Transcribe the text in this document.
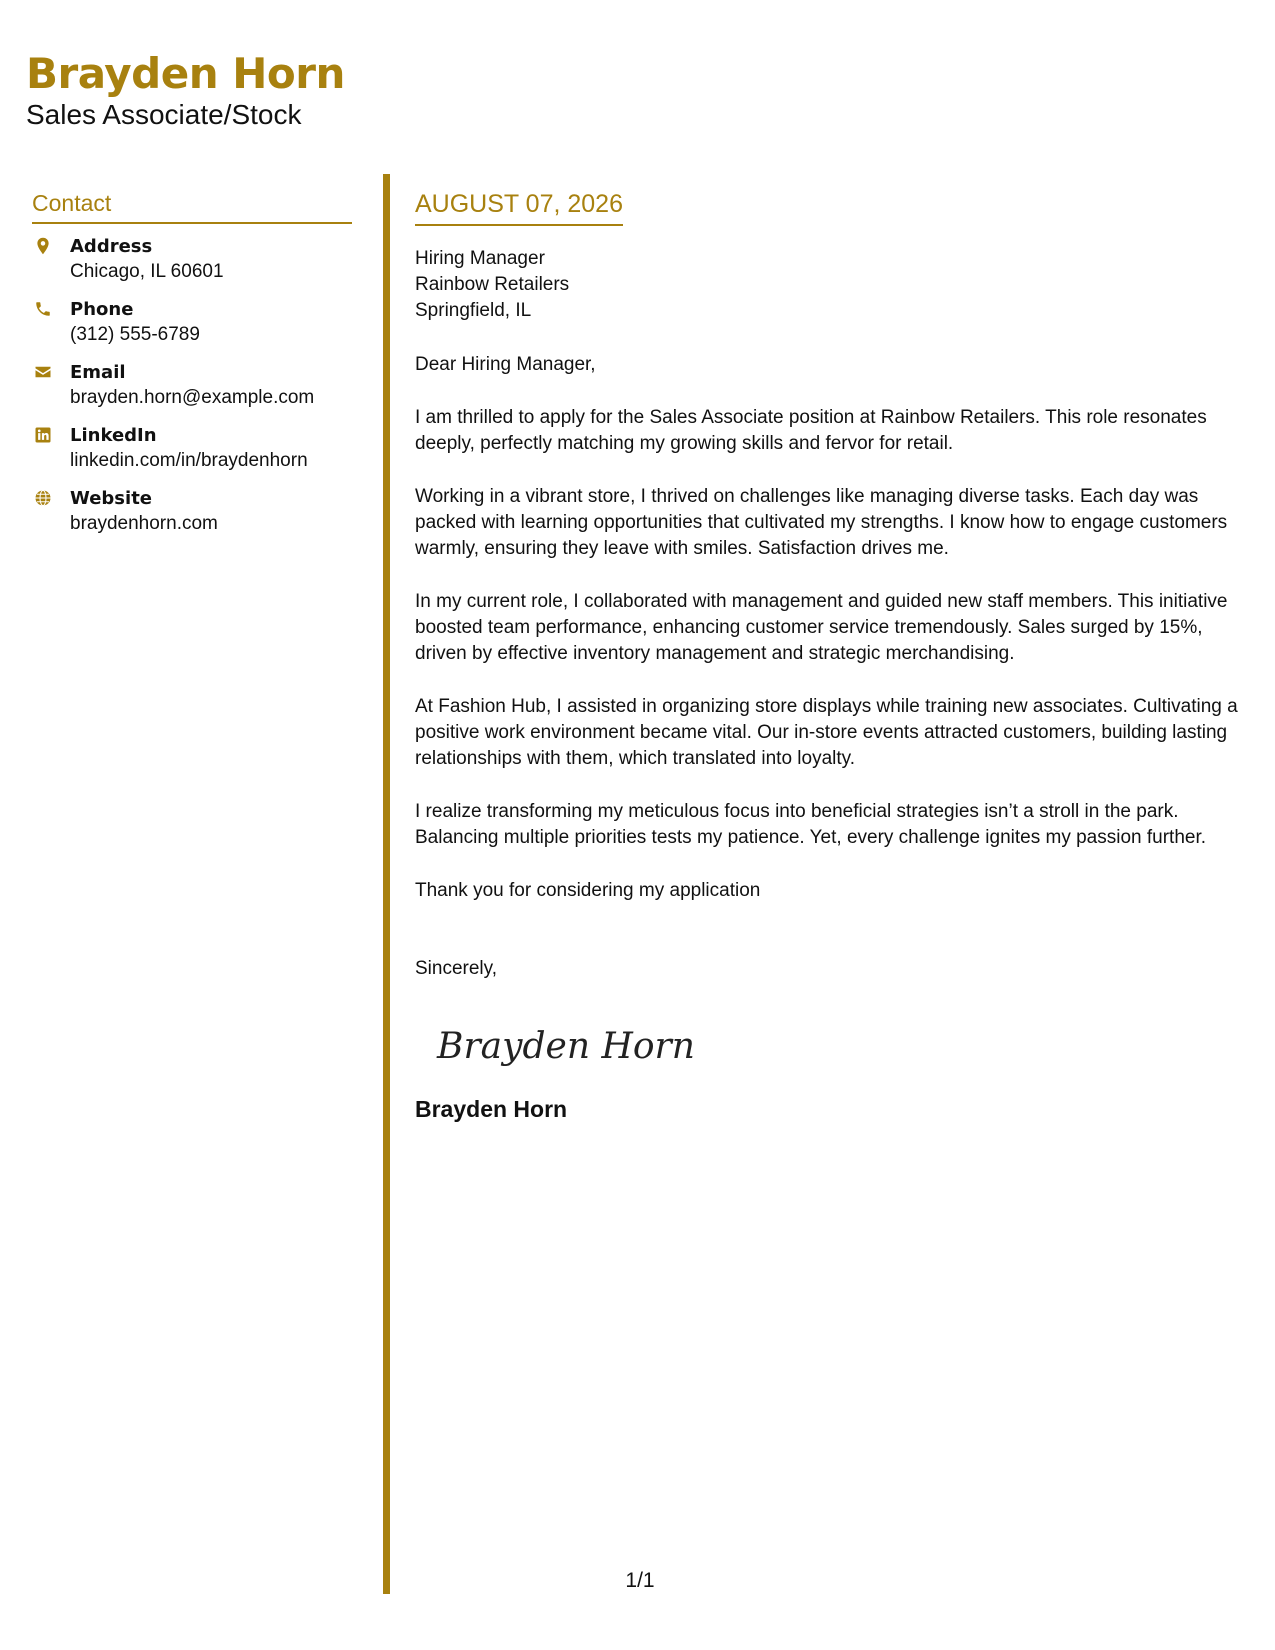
Brayden Horn
Sales Associate/Stock
Contact
Address
Chicago, IL 60601
Phone
(312) 555-6789
Email
brayden.horn@example.com
LinkedIn
linkedin.com/in/braydenhorn
Website
braydenhorn.com
AUGUST 07, 2026
Hiring Manager
Rainbow Retailers
Springfield, IL
Dear Hiring Manager,

I am thrilled to apply for the Sales Associate position at Rainbow Retailers. This role resonates deeply, perfectly matching my growing skills and fervor for retail.

Working in a vibrant store, I thrived on challenges like managing diverse tasks. Each day was packed with learning opportunities that cultivated my strengths. I know how to engage customers warmly, ensuring they leave with smiles. Satisfaction drives me.

In my current role, I collaborated with management and guided new staff members. This initiative boosted team performance, enhancing customer service tremendously. Sales surged by 15%, driven by effective inventory management and strategic merchandising.

At Fashion Hub, I assisted in organizing store displays while training new associates. Cultivating a positive work environment became vital. Our in-store events attracted customers, building lasting relationships with them, which translated into loyalty.

I realize transforming my meticulous focus into beneficial strategies isn’t a stroll in the park. Balancing multiple priorities tests my patience. Yet, every challenge ignites my passion further.

Thank you for considering my application

Sincerely,
Brayden Horn
Brayden Horn
1/1
